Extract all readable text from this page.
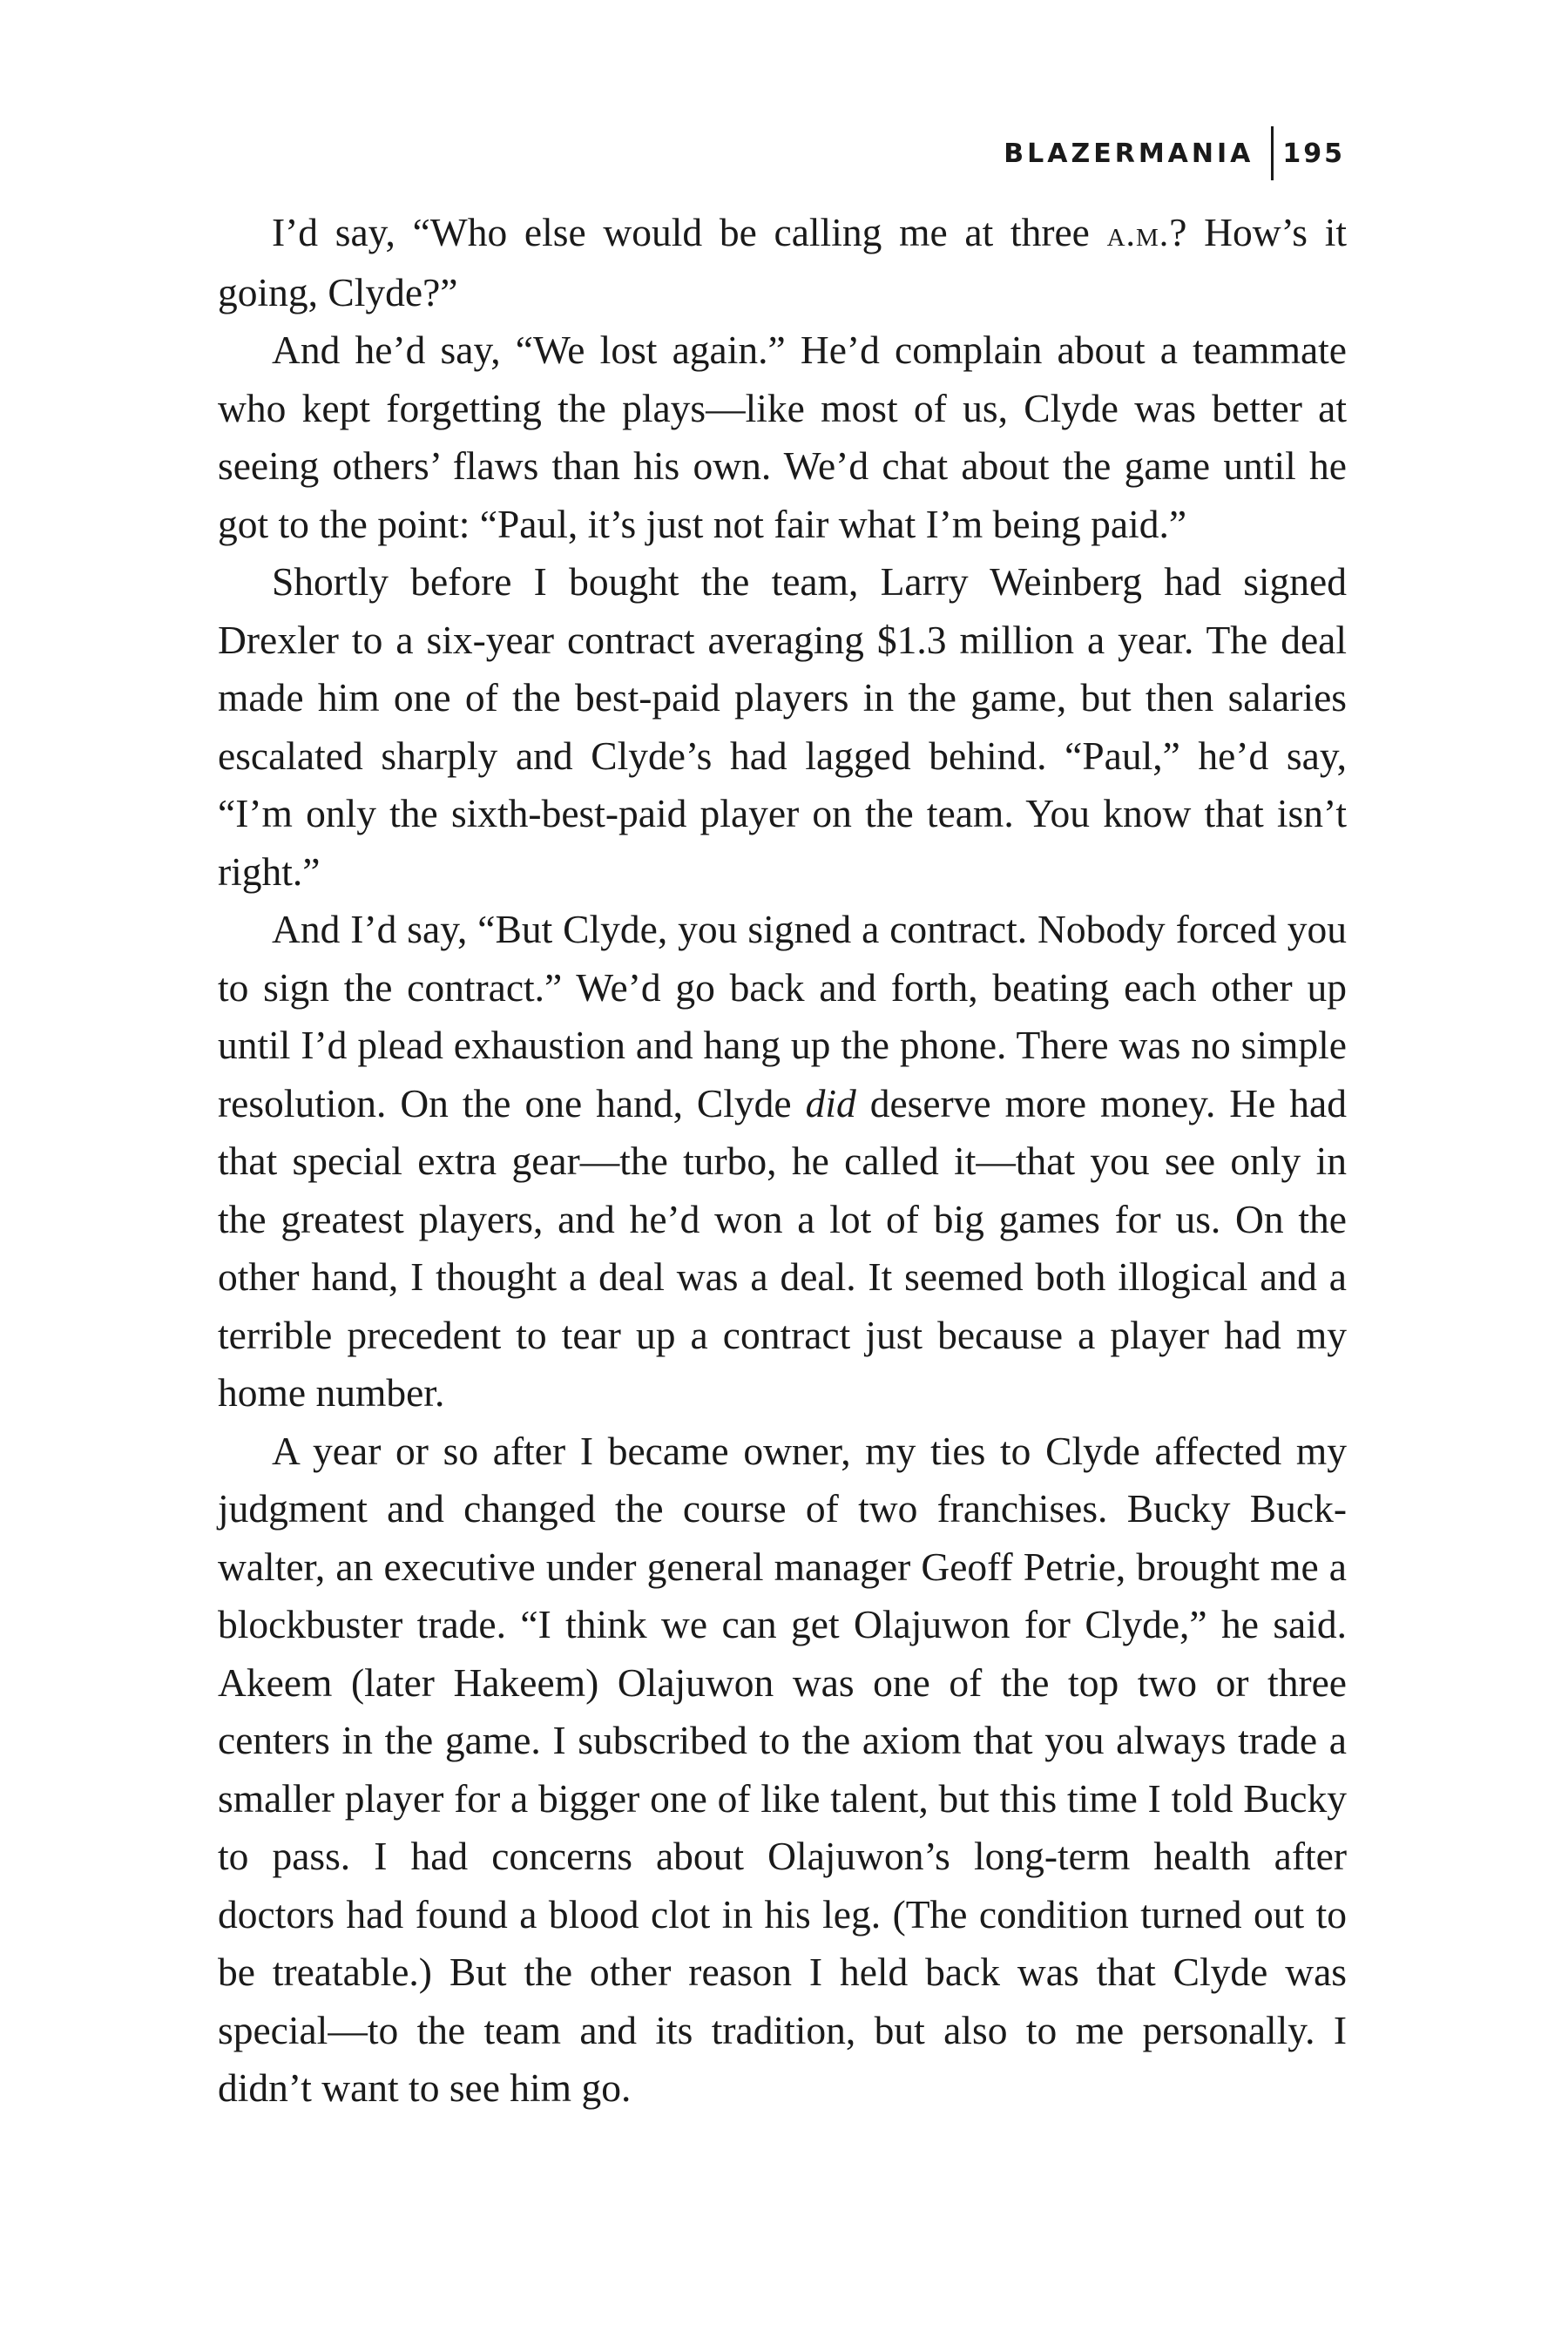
BLAZERMANIA 195

I’d say, “Who else would be calling me at three a.m.? How’s it going, Clyde?”

And he’d say, “We lost again.” He’d complain about a teammate who kept forgetting the plays—like most of us, Clyde was better at seeing others’ flaws than his own. We’d chat about the game until he got to the point: “Paul, it’s just not fair what I’m being paid.”

Shortly before I bought the team, Larry Weinberg had signed Drexler to a six-year contract averaging $1.3 million a year. The deal made him one of the best-paid players in the game, but then salaries escalated sharply and Clyde’s had lagged behind. “Paul,” he’d say, “I’m only the sixth-best-paid player on the team. You know that isn’t right.”

And I’d say, “But Clyde, you signed a contract. Nobody forced you to sign the contract.” We’d go back and forth, beating each other up until I’d plead exhaustion and hang up the phone. There was no simple resolution. On the one hand, Clyde did deserve more money. He had that special extra gear—the turbo, he called it—that you see only in the greatest players, and he’d won a lot of big games for us. On the other hand, I thought a deal was a deal. It seemed both illogical and a terrible precedent to tear up a contract just because a player had my home number.

A year or so after I became owner, my ties to Clyde affected my judgment and changed the course of two franchises. Bucky Buckwalter, an executive under general manager Geoff Petrie, brought me a blockbuster trade. “I think we can get Olajuwon for Clyde,” he said. Akeem (later Hakeem) Olajuwon was one of the top two or three centers in the game. I subscribed to the axiom that you always trade a smaller player for a bigger one of like talent, but this time I told Bucky to pass. I had concerns about Olajuwon’s long-term health after doctors had found a blood clot in his leg. (The condition turned out to be treatable.) But the other reason I held back was that Clyde was special—to the team and its tradition, but also to me personally. I didn’t want to see him go.
